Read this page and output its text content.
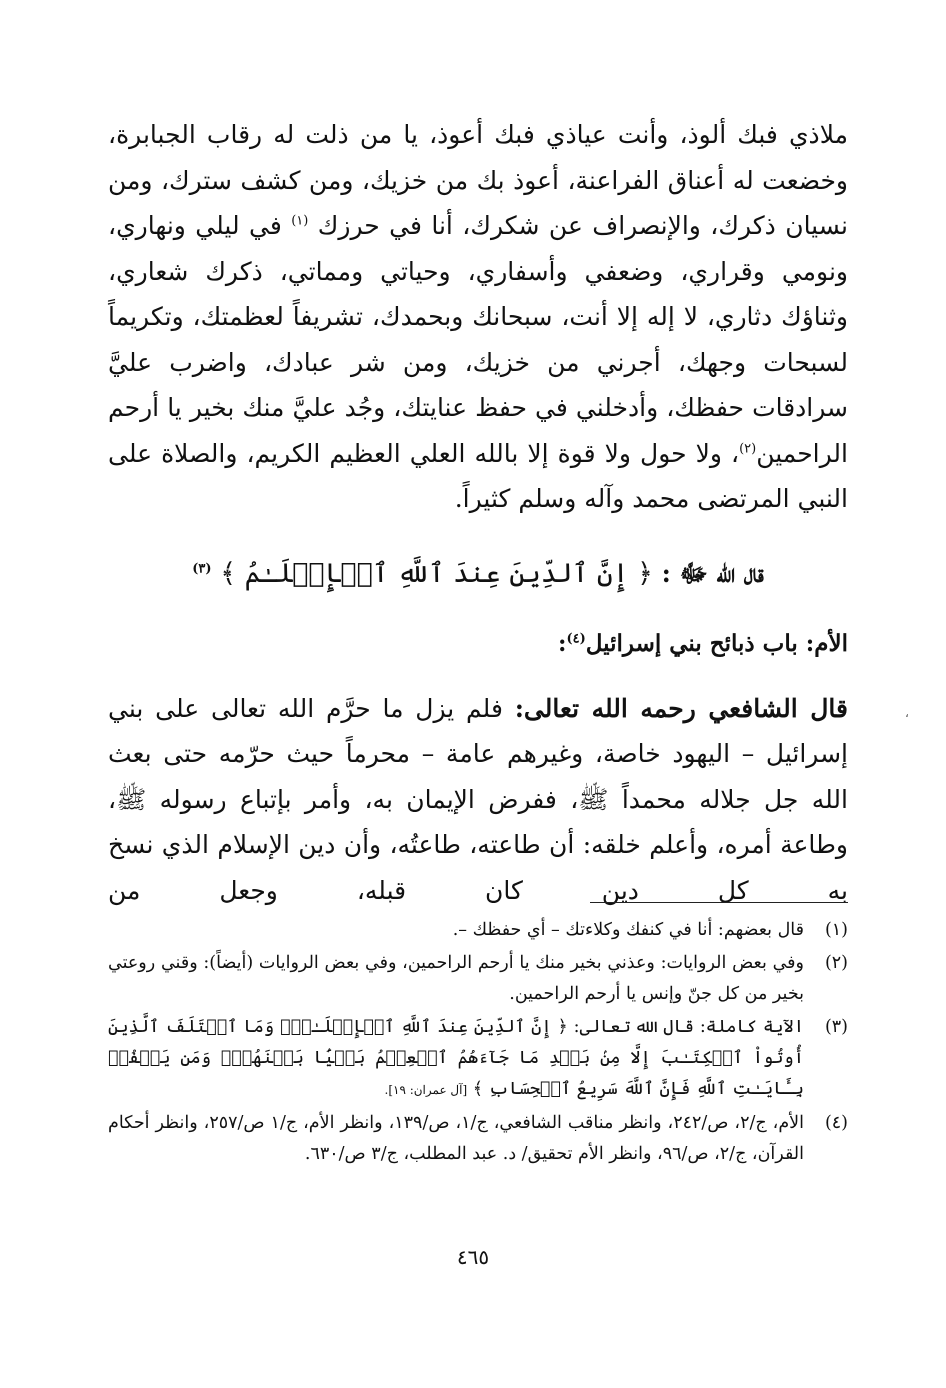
ملاذي فبك ألوذ، وأنت عياذي فبك أعوذ، يا من ذلت له رقاب الجبابرة، وخضعت له أعناق الفراعنة، أعوذ بك من خزيك، ومن كشف سترك، ومن نسيان ذكرك، والإنصراف عن شكرك، أنا في حرزك $^{(١)}$ في ليلي ونهاري، ونومي وقراري، وضعفي وأسفاري، وحياتي ومماتي، ذكرك شعاري، وثناؤك دثاري، لا إله إلا أنت، سبحانك وبحمدك، تشريفاً لعظمتك، وتكريماً لسبحات وجهك، أجرني من خزيك، ومن شر عبادك، واضرب عليَّ سرادقات حفظك، وأدخلني في حفظ عنايتك، وجُد عليَّ منك بخير يا أرحم الراحمين$^{(٢)}$، ولا حول ولا قوة إلا بالله العلي العظيم الكريم، والصلاة على النبي المرتضى محمد وآله وسلم كثيراً.

قال الله ﷻ : ﴿ إِنَّ ٱلدِّينَ عِندَ ٱللَّهِ ٱلۡإِسۡلَـٰمُ ﴾ $^{(٣)}$
الأم: باب ذبائح بني إسرائيل$^{(٤)}$:

قال الشافعي رحمه الله تعالى: فلم يزل ما حرَّم الله تعالى على بني إسرائيل – اليهود خاصة، وغيرهم عامة – محرماً حيث حرّمه حتى بعث الله جل جلاله محمداً ﷺ، ففرض الإيمان به، وأمر بإتباع رسوله ﷺ، وطاعة أمره، وأعلم خلقه: أن طاعته، طاعتُه، وأن دين الإسلام الذي نسخ به كل دين كان قبله، وجعل من

،
(١)
قال بعضهم: أنا في كنفك وكلاءتك – أي حفظك –.
(٢)
وفي بعض الروايات: وعذني بخير منك يا أرحم الراحمين، وفي بعض الروايات (أيضاً): وقني روعتي بخير من كل جنّ وإنس يا أرحم الراحمين.
(٣)
الآية كاملة: قال الله تعالى: ﴿ إِنَّ ٱلدِّينَ عِندَ ٱللَّهِ ٱلۡإِسۡلَـٰمُۗ وَمَا ٱخۡتَلَفَ ٱلَّذِينَ أُوتُواْ ٱلۡكِتَـٰبَ إِلَّا مِنۢ بَعۡدِ مَا جَآءَهُمُ ٱلۡعِلۡمُ بَغۡيَۢا بَيۡنَهُمۡۗ وَمَن يَكۡفُرۡ بِـَٔايَـٰتِ ٱللَّهِ فَإِنَّ ٱللَّهَ سَرِيعُ ٱلۡحِسَابِ ﴾ [آل عمران: ١٩].
(٤)
الأم، ج/٢، ص/٢٤٢، وانظر مناقب الشافعي، ج/١، ص/١٣٩، وانظر الأم، ج/١ ص/٢٥٧، وانظر أحكام القرآن، ج/٢، ص/٩٦، وانظر الأم تحقيق/ د. عبد المطلب، ج/٣ ص/٦٣٠.
٤٦٥
